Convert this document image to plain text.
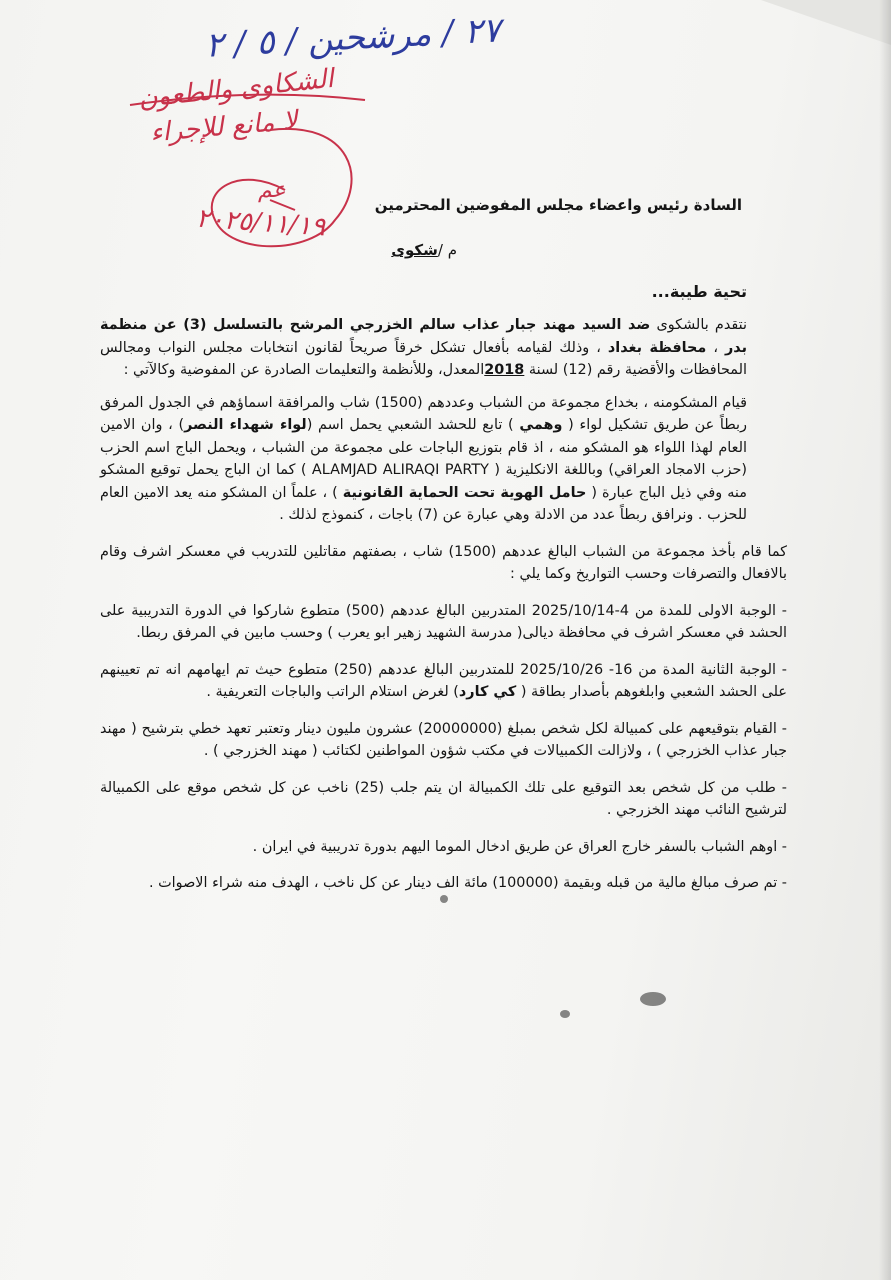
٢٧ / مرشحين / ٥ / ٢
الشكاوى والطعون
لا مانع للإجراء
عم
٢٠٢٥/١١/١٩	السادة رئيس واعضاء مجلس المفوضين المحترمين
م /شكوى
تحية طيبة...
نتقدم بالشكوى ضد السيد مهند جبار عذاب سالم الخزرجي المرشح بالتسلسل (3) عن منظمة بدر ، محافظة بغداد ، وذلك لقيامه بأفعال تشكل خرقاً صريحاً لقانون انتخابات مجلس النواب ومجالس المحافظات والأقضية رقم (12) لسنة 2018المعدل، وللأنظمة والتعليمات الصادرة عن المفوضية وكالآتي :
قيام المشكومنه ، بخداع مجموعة من الشباب وعددهم (1500) شاب والمرافقة اسماؤهم في الجدول المرفق ربطاً عن طريق تشكيل لواء ( وهمي ) تابع للحشد الشعبي يحمل اسم (لواء شهداء النصر) ، وان الامين العام لهذا اللواء هو المشكو منه ، اذ قام بتوزيع الباجات على مجموعة من الشباب ، ويحمل الباج اسم الحزب (حزب الامجاد العراقي) وباللغة الانكليزية ( ALAMJAD ALIRAQI PARTY ) كما ان الباج يحمل توقيع المشكو منه وفي ذيل الباج عبارة ( حامل الهوية تحت الحماية القانونية ) ، علماً ان المشكو منه يعد الامين العام للحزب . ونرافق ربطاً عدد من الادلة وهي عبارة عن (7) باجات ، كنموذج لذلك .
كما قام بأخذ مجموعة من الشباب البالغ عددهم (1500) شاب ، بصفتهم مقاتلين للتدريب في معسكر اشرف وقام بالافعال والتصرفات وحسب التواريخ وكما يلي :
- الوجبة الاولى للمدة من 4-2025/10/14 المتدربين البالغ عددهم (500) متطوع شاركوا في الدورة التدريبية على الحشد في معسكر اشرف في محافظة ديالى( مدرسة الشهيد زهير ابو يعرب ) وحسب مابين في المرفق ربطا.
- الوجبة الثانية المدة من 16- 2025/10/26 للمتدربين البالغ عددهم (250) متطوع حيث تم ايهامهم انه تم تعيينهم على الحشد الشعبي وابلغوهم بأصدار بطاقة ( كي كارد) لغرض استلام الراتب والباجات التعريفية .
- القيام بتوقيعهم على كمبيالة لكل شخص بمبلغ (20000000) عشرون مليون دينار وتعتبر تعهد خطي بترشيح ( مهند جبار عذاب الخزرجي ) ، ولازالت الكمبيالات في مكتب شؤون المواطنين لكتائب ( مهند الخزرجي ) .
- طلب من كل شخص بعد التوقيع على تلك الكمبيالة ان يتم جلب (25) ناخب عن كل شخص موقع على الكمبيالة لترشيح النائب مهند الخزرجي .
- اوهم الشباب بالسفر خارج العراق عن طريق ادخال الموما اليهم بدورة تدريبية في ايران .
- تم صرف مبالغ مالية من قبله وبقيمة (100000) مائة الف دينار عن كل ناخب ، الهدف منه شراء الاصوات .
